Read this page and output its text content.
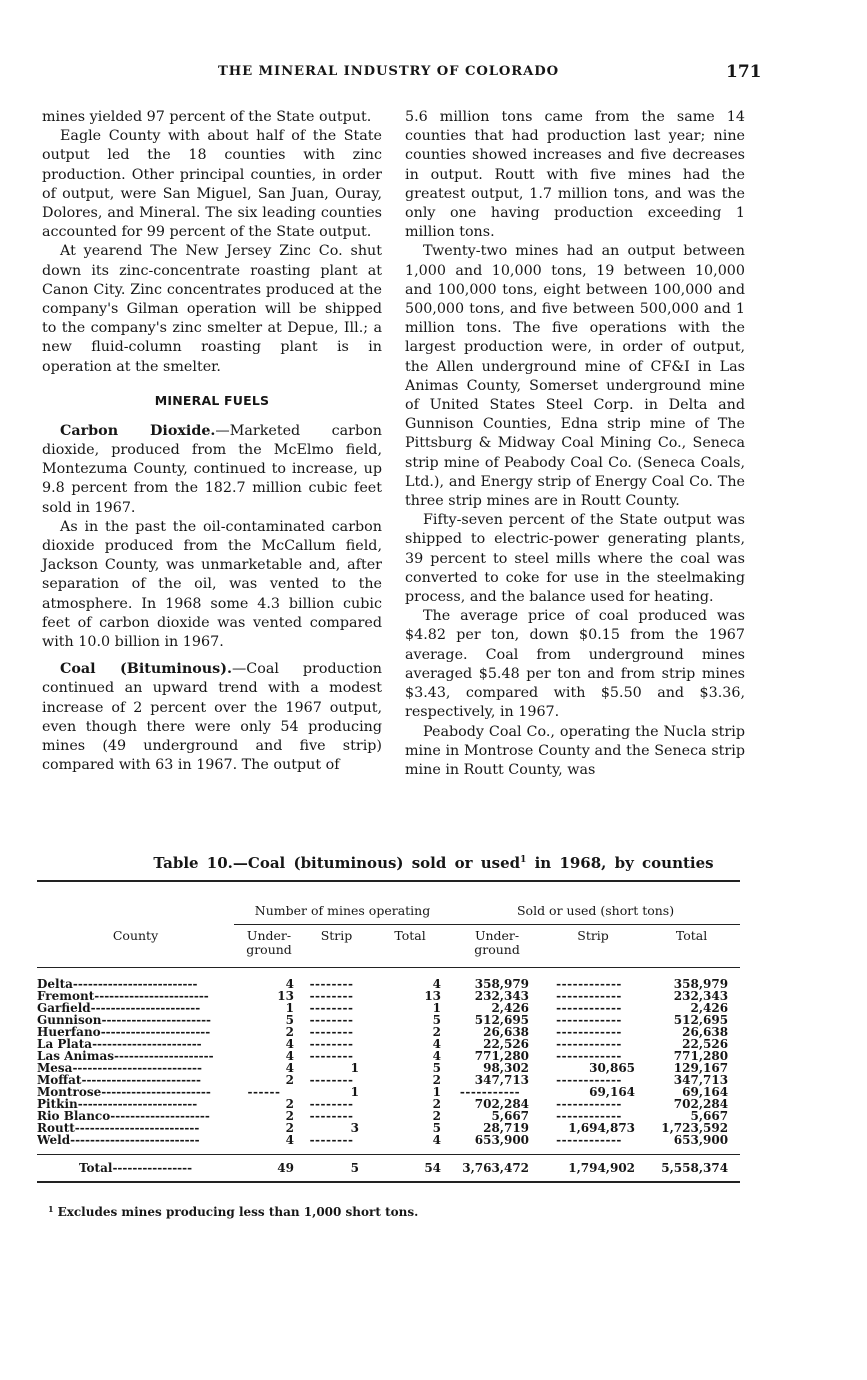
THE MINERAL INDUSTRY OF COLORADO	171

mines yielded 97 percent of the State output.

Eagle County with about half of the State output led the 18 counties with zinc production. Other principal counties, in order of output, were San Miguel, San Juan, Ouray, Dolores, and Mineral. The six leading counties accounted for 99 percent of the State output.

At yearend The New Jersey Zinc Co. shut down its zinc-concentrate roasting plant at Canon City. Zinc concentrates produced at the company's Gilman operation will be shipped to the company's zinc smelter at Depue, Ill.; a new fluid-column roasting plant is in operation at the smelter.

MINERAL FUELS

Carbon Dioxide.—Marketed carbon dioxide, produced from the McElmo field, Montezuma County, continued to increase, up 9.8 percent from the 182.7 million cubic feet sold in 1967.

As in the past the oil-contaminated carbon dioxide produced from the McCallum field, Jackson County, was unmarketable and, after separation of the oil, was vented to the atmosphere. In 1968 some 4.3 billion cubic feet of carbon dioxide was vented compared with 10.0 billion in 1967.

Coal (Bituminous).—Coal production continued an upward trend with a modest increase of 2 percent over the 1967 output, even though there were only 54 producing mines (49 underground and five strip) compared with 63 in 1967. The output of

5.6 million tons came from the same 14 counties that had production last year; nine counties showed increases and five decreases in output. Routt with five mines had the greatest output, 1.7 million tons, and was the only one having production exceeding 1 million tons.

Twenty-two mines had an output between 1,000 and 10,000 tons, 19 between 10,000 and 100,000 tons, eight between 100,000 and 500,000 tons, and five between 500,000 and 1 million tons. The five operations with the largest production were, in order of output, the Allen underground mine of CF&I in Las Animas County, Somerset underground mine of United States Steel Corp. in Delta and Gunnison Counties, Edna strip mine of The Pittsburg & Midway Coal Mining Co., Seneca strip mine of Peabody Coal Co. (Seneca Coals, Ltd.), and Energy strip of Energy Coal Co. The three strip mines are in Routt County.

Fifty-seven percent of the State output was shipped to electric-power generating plants, 39 percent to steel mills where the coal was converted to coke for use in the steelmaking process, and the balance used for heating.

The average price of coal produced was $4.82 per ton, down $0.15 from the 1967 average. Coal from underground mines averaged $5.48 per ton and from strip mines $3.43, compared with $5.50 and $3.36, respectively, in 1967.

Peabody Coal Co., operating the Nucla strip mine in Montrose County and the Seneca strip mine in Routt County, was

Table 10.—Coal (bituminous) sold or used$^1$ in 1968, by counties
County	Number of mines operating			Sold or used (short tons)		
	Under-
ground	Strip	Total	Under-
ground	Strip	Total
Delta-------------------------	4	--------	4	358,979	------------	358,979
Fremont-----------------------	13	--------	13	232,343	------------	232,343
Garfield----------------------	1	--------	1	2,426	------------	2,426
Gunnison----------------------	5	--------	5	512,695	------------	512,695
Huerfano----------------------	2	--------	2	26,638	------------	26,638
La Plata----------------------	4	--------	4	22,526	------------	22,526
Las Animas--------------------	4	--------	4	771,280	------------	771,280
Mesa--------------------------	4	1	5	98,302	30,865	129,167
Moffat------------------------	2	--------	2	347,713	------------	347,713
Montrose----------------------	------	1	1	-----------	69,164	69,164
Pitkin------------------------	2	--------	2	702,284	------------	702,284
Rio Blanco--------------------	2	--------	2	5,667	------------	5,667
Routt-------------------------	2	3	5	28,719	1,694,873	1,723,592
Weld--------------------------	4	--------	4	653,900	------------	653,900
Total----------------	49	5	54	3,763,472	1,794,902	5,558,374
$^1$ Excludes mines producing less than 1,000 short tons.
